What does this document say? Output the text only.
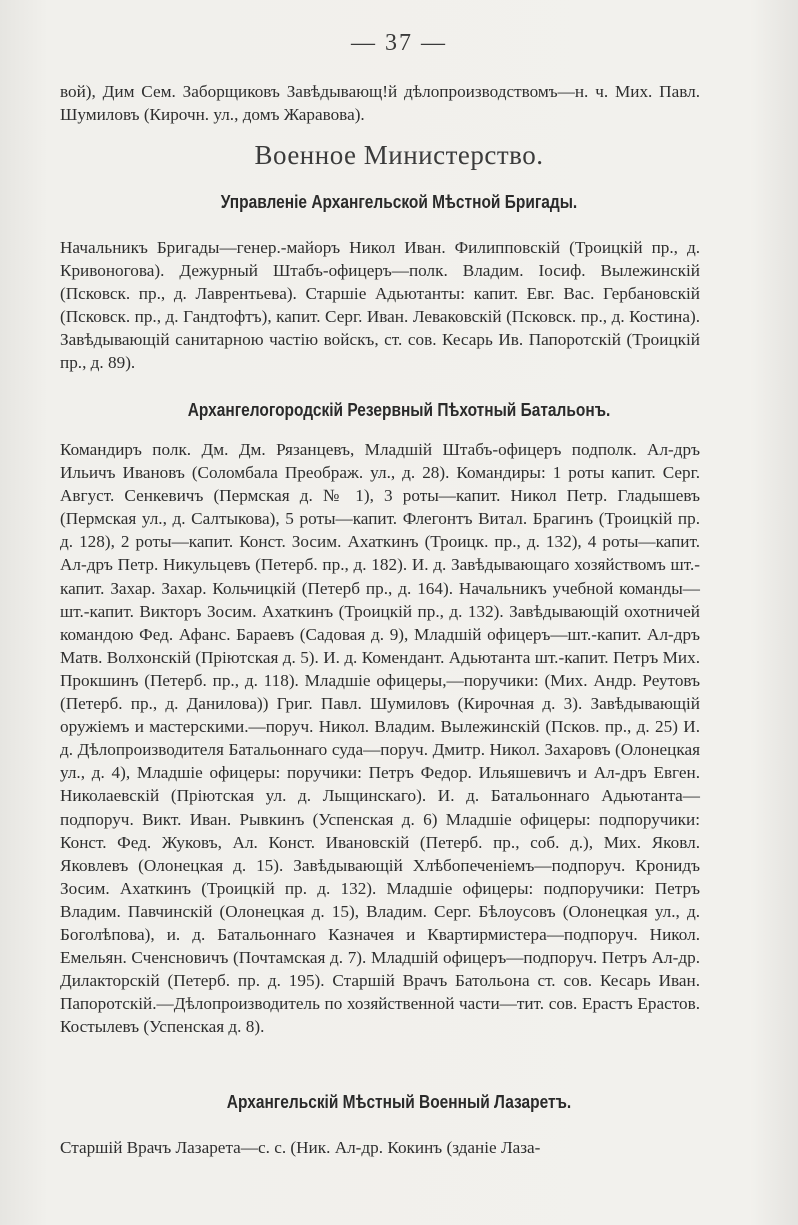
— 37 —

вой), Дим Сем. Заборщиковъ Завѣдывающ!й дѣлопроизводствомъ—н. ч. Мих. Павл. Шумиловъ (Кирочн. ул., домъ Жаравова).

Военное Министерство.
Управленіе Архангельской Мѣстной Бригады.

Начальникъ Бригады—генер.-майоръ Никол Иван. Филипповскій (Троицкій пр., д. Кривоногова). Дежурный Штабъ-офицеръ—полк. Владим. Іосиф. Вылежинскій (Псковск. пр., д. Лаврентьева). Старшіе Адьютанты: капит. Евг. Вас. Гербановскій (Псковск. пр., д. Гандтофтъ), капит. Серг. Иван. Леваковскій (Псковск. пр., д. Костина). Завѣдывающій санитарною частію войскъ, ст. сов. Кесарь Ив. Папоротскій (Троицкій пр., д. 89).

Архангелогородскій Резервный Пѣхотный Батальонъ.

Командиръ полк. Дм. Дм. Рязанцевъ, Младшій Штабъ-офицеръ подполк. Ал-дръ Ильичъ Ивановъ (Соломбала Преображ. ул., д. 28). Командиры: 1 роты капит. Серг. Август. Сенкевичъ (Пермская д. № 1), 3 роты—капит. Никол Петр. Гладышевъ (Пермская ул., д. Салтыкова), 5 роты—капит. Флегонтъ Витал. Брагинъ (Троицкій пр. д. 128), 2 роты—капит. Конст. Зосим. Ахаткинъ (Троицк. пр., д. 132), 4 роты—капит. Ал-дръ Петр. Никульцевъ (Петерб. пр., д. 182). И. д. Завѣдывающаго хозяйствомъ шт.-капит. Захар. Захар. Кольчицкій (Петерб пр., д. 164). Начальникъ учебной команды—шт.-капит. Викторъ Зосим. Ахаткинъ (Троицкій пр., д. 132). Завѣдывающій охотничей командою Фед. Афанс. Бараевъ (Садовая д. 9), Младшій офицеръ—шт.-капит. Ал-дръ Матв. Волхонскій (Пріютская д. 5). И. д. Комендант. Адьютанта шт.-капит. Петръ Мих. Прокшинъ (Петерб. пр., д. 118). Младшіе офицеры,—поручики: (Мих. Андр. Реутовъ (Петерб. пр., д. Данилова)) Григ. Павл. Шумиловъ (Кирочная д. 3). Завѣдывающій оружіемъ и мастерскими.—поруч. Никол. Владим. Вылежинскій (Псков. пр., д. 25) И. д. Дѣлопроизводителя Батальоннаго суда—поруч. Дмитр. Никол. Захаровъ (Олонецкая ул., д. 4), Младшіе офицеры: поручики: Петръ Федор. Ильяшевичъ и Ал-дръ Евген. Николаевскій (Пріютская ул. д. Лыщинскаго). И. д. Батальоннаго Адьютанта—подпоруч. Викт. Иван. Рывкинъ (Успенская д. 6) Младшіе офицеры: подпоручики: Конст. Фед. Жуковъ, Ал. Конст. Ивановскій (Петерб. пр., соб. д.), Мих. Яковл. Яковлевъ (Олонецкая д. 15). Завѣдывающій Хлѣбопеченіемъ—подпоруч. Кронидъ Зосим. Ахаткинъ (Троицкій пр. д. 132). Младшіе офицеры: подпоручики: Петръ Владим. Павчинскій (Олонецкая д. 15), Владим. Серг. Бѣлоусовъ (Олонецкая ул., д. Боголѣпова), и. д. Батальоннаго Казначея и Квартирмистера—подпоруч. Никол. Емельян. Сченсновичъ (Почтамская д. 7). Младшій офицеръ—подпоруч. Петръ Ал-др. Дилакторскій (Петерб. пр. д. 195). Старшій Врачъ Батольона ст. сов. Кесарь Иван. Папоротскій.—Дѣлопроизводитель по хозяйственной части—тит. сов. Ерастъ Ерастов. Костылевъ (Успенская д. 8).

Архангельскій Мѣстный Военный Лазаретъ.

Старшій Врачъ Лазарета—с. с. (Ник. Ал-др. Кокинъ (зданіе Лаза-
